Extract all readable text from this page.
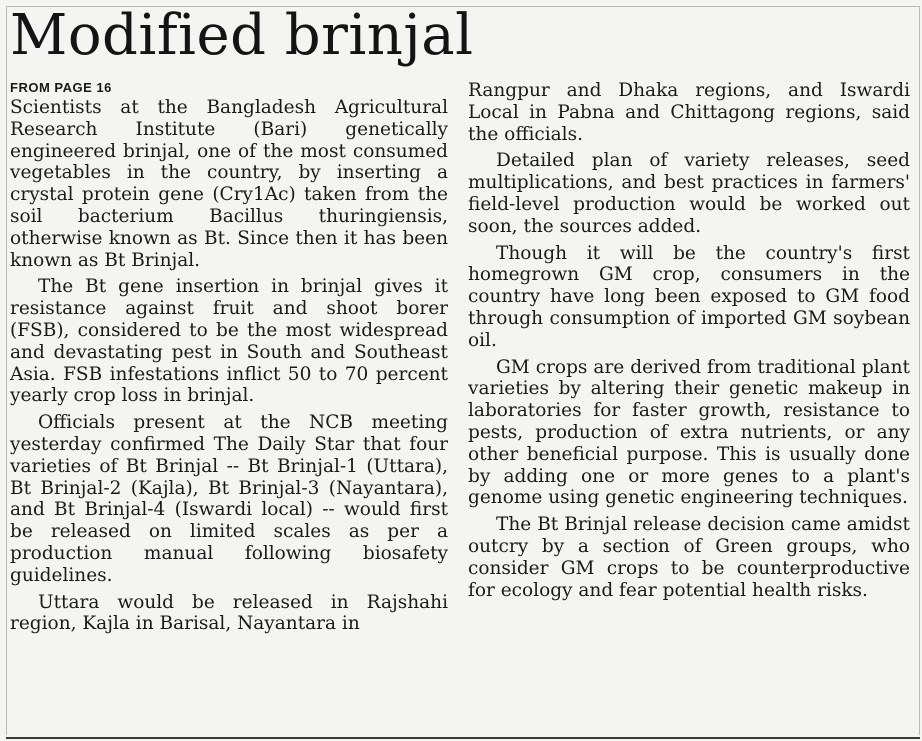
Modified brinjal
FROM PAGE 16

Scientists at the Bangladesh Agricultural Research Institute (Bari) genetically engineered brinjal, one of the most consumed vegetables in the country, by inserting a crystal protein gene (Cry1Ac) taken from the soil bacterium Bacillus thuringiensis, otherwise known as Bt. Since then it has been known as Bt Brinjal.

The Bt gene insertion in brinjal gives it resistance against fruit and shoot borer (FSB), considered to be the most widespread and devastating pest in South and Southeast Asia. FSB infestations inflict 50 to 70 percent yearly crop loss in brinjal.

Officials present at the NCB meeting yesterday confirmed The Daily Star that four varieties of Bt Brinjal -- Bt Brinjal-1 (Uttara), Bt Brinjal-2 (Kajla), Bt Brinjal-3 (Nayantara), and Bt Brinjal-4 (Iswardi local) -- would first be released on limited scales as per a production manual following biosafety guidelines.

Uttara would be released in Rajshahi region, Kajla in Barisal, Nayantara in

Rangpur and Dhaka regions, and Iswardi Local in Pabna and Chittagong regions, said the officials.

Detailed plan of variety releases, seed multiplications, and best practices in farmers' field-level production would be worked out soon, the sources added.

Though it will be the country's first homegrown GM crop, consumers in the country have long been exposed to GM food through consumption of imported GM soybean oil.

GM crops are derived from traditional plant varieties by altering their genetic makeup in laboratories for faster growth, resistance to pests, production of extra nutrients, or any other beneficial purpose. This is usually done by adding one or more genes to a plant's genome using genetic engineering techniques.

The Bt Brinjal release decision came amidst outcry by a section of Green groups, who consider GM crops to be counterproductive for ecology and fear potential health risks.
